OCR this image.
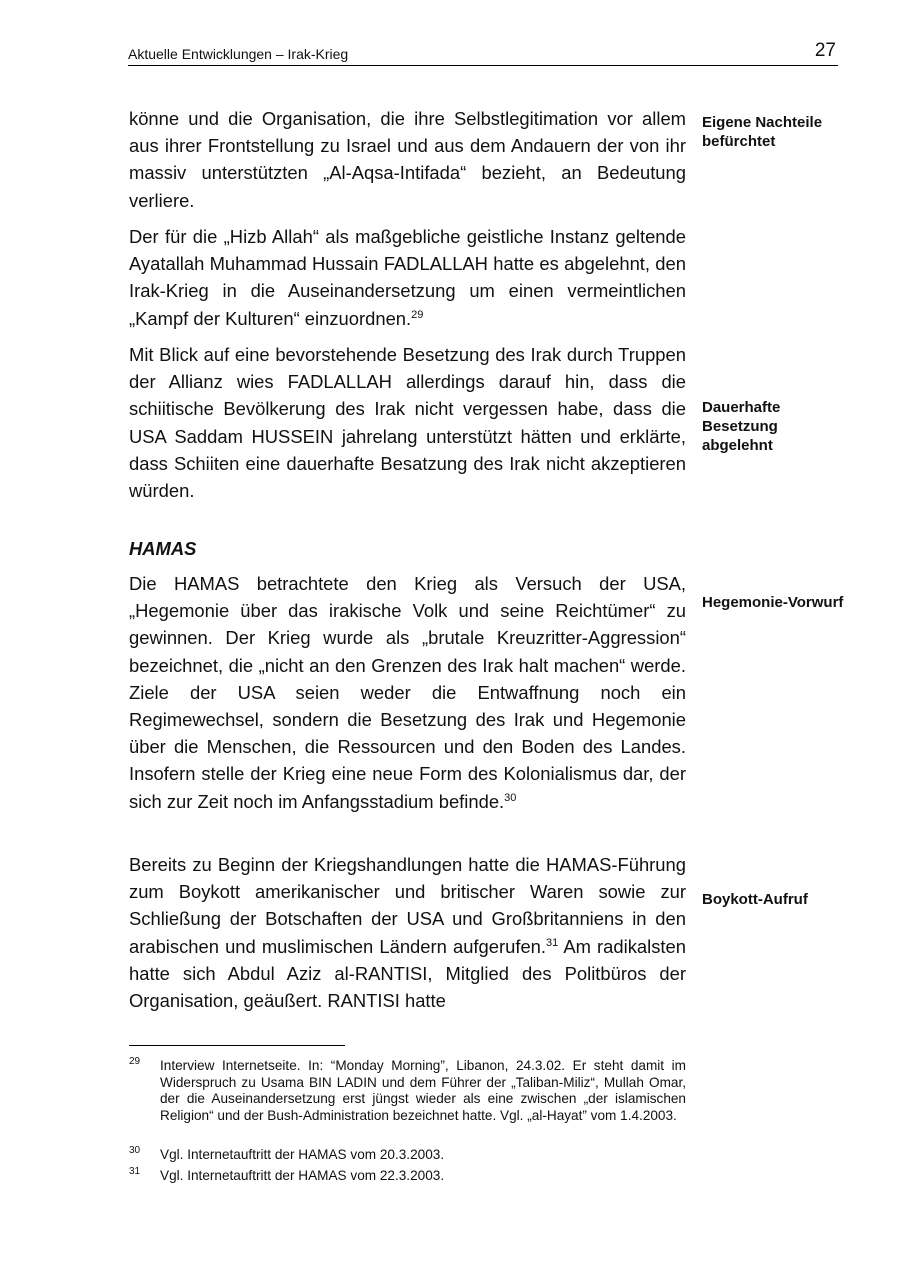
Aktuelle Entwicklungen – Irak-Krieg	27

könne und die Organisation, die ihre Selbstlegitimation vor allem aus ihrer Frontstellung zu Israel und aus dem Andauern der von ihr massiv unterstützten „Al-Aqsa-Intifada“ bezieht, an Bedeutung verliere.

Der für die „Hizb Allah“ als maßgebliche geistliche Instanz geltende Ayatallah Muhammad Hussain FADLALLAH hatte es abgelehnt, den Irak-Krieg in die Auseinandersetzung um einen vermeintlichen „Kampf der Kulturen“ einzuordnen.$^{29}$

Mit Blick auf eine bevorstehende Besetzung des Irak durch Truppen der Allianz wies FADLALLAH allerdings darauf hin, dass die schiitische Bevölkerung des Irak nicht vergessen habe, dass die USA Saddam HUSSEIN jahrelang unterstützt hätten und erklärte, dass Schiiten eine dauerhafte Besatzung des Irak nicht akzeptieren würden.

HAMAS

Die HAMAS betrachtete den Krieg als Versuch der USA, „Hegemonie über das irakische Volk und seine Reichtümer“ zu gewinnen. Der Krieg wurde als „brutale Kreuzritter-Aggression“ bezeichnet, die „nicht an den Grenzen des Irak halt machen“ werde. Ziele der USA seien weder die Entwaffnung noch ein Regimewechsel, sondern die Besetzung des Irak und Hegemonie über die Menschen, die Ressourcen und den Boden des Landes. Insofern stelle der Krieg eine neue Form des Kolonialismus dar, der sich zur Zeit noch im Anfangsstadium befinde.$^{30}$

Bereits zu Beginn der Kriegshandlungen hatte die HAMAS-Führung zum Boykott amerikanischer und britischer Waren sowie zur Schließung der Botschaften der USA und Großbritanniens in den arabischen und muslimischen Ländern aufgerufen.$^{31}$ Am radikalsten hatte sich Abdul Aziz al-RANTISI, Mitglied des Politbüros der Organisation, geäußert. RANTISI hatte

Eigene Nachteile befürchtet
Dauerhafte Besetzung abgelehnt
Hegemonie-Vorwurf
Boykott-Aufruf
29 Interview Internetseite. In: “Monday Morning”, Libanon, 24.3.02. Er steht damit im Widerspruch zu Usama BIN LADIN und dem Führer der „Taliban-Miliz“, Mullah Omar, der die Auseinandersetzung erst jüngst wieder als eine zwischen „der islamischen Religion“ und der Bush-Administration bezeichnet hatte. Vgl. „al-Hayat” vom 1.4.2003.
30 Vgl. Internetauftritt der HAMAS vom 20.3.2003.
31 Vgl. Internetauftritt der HAMAS vom 22.3.2003.
